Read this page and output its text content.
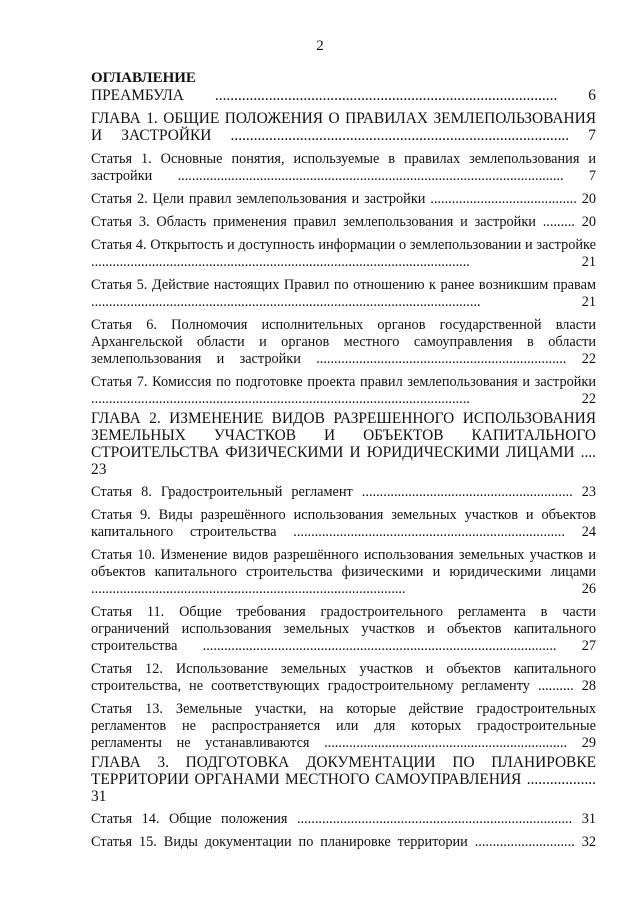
2

ОГЛАВЛЕНИЕ

ПРЕАМБУЛА ......................................................................................... 6

ГЛАВА 1. ОБЩИЕ ПОЛОЖЕНИЯ О ПРАВИЛАХ ЗЕМЛЕПОЛЬЗОВАНИЯ И ЗАСТРОЙКИ ........................................................................................ 7

Статья 1. Основные понятия, используемые в правилах землепользования и застройки ............................................................................................................ 7

Статья 2. Цели правил землепользования и застройки ......................................... 20

Статья 3. Область применения правил землепользования и застройки ......... 20

Статья 4. Открытость и доступность информации о землепользовании и застройке .......................................................................................................... 21

Статья 5. Действие настоящих Правил по отношению к ранее возникшим правам ............................................................................................................. 21

Статья 6. Полномочия исполнительных органов государственной власти Архангельской области и органов местного самоуправления в области землепользования и застройки ...................................................................... 22

Статья 7. Комиссия по подготовке проекта правил землепользования и застройки .......................................................................................................... 22

ГЛАВА 2. ИЗМЕНЕНИЕ ВИДОВ РАЗРЕШЕННОГО ИСПОЛЬЗОВАНИЯ ЗЕМЕЛЬНЫХ УЧАСТКОВ И ОБЪЕКТОВ КАПИТАЛЬНОГО СТРОИТЕЛЬСТВА ФИЗИЧЕСКИМИ И ЮРИДИЧЕСКИМИ ЛИЦАМИ .... 23

Статья 8. Градостроительный регламент ........................................................... 23

Статья 9. Виды разрешённого использования земельных участков и объектов капитального строительства ............................................................................ 24

Статья 10. Изменение видов разрешённого использования земельных участков и объектов капитального строительства физическими и юридическими лицами ........................................................................................ 26

Статья 11. Общие требования градостроительного регламента в части ограничений использования земельных участков и объектов капитального строительства ................................................................................................... 27

Статья 12. Использование земельных участков и объектов капитального строительства, не соответствующих градостроительному регламенту .......... 28

Статья 13. Земельные участки, на которые действие градостроительных регламентов не распространяется или для которых градостроительные регламенты не устанавливаются .................................................................... 29

ГЛАВА 3. ПОДГОТОВКА ДОКУМЕНТАЦИИ ПО ПЛАНИРОВКЕ ТЕРРИТОРИИ ОРГАНАМИ МЕСТНОГО САМОУПРАВЛЕНИЯ .................. 31

Статья 14. Общие положения ............................................................................. 31

Статья 15. Виды документации по планировке территории ............................ 32
